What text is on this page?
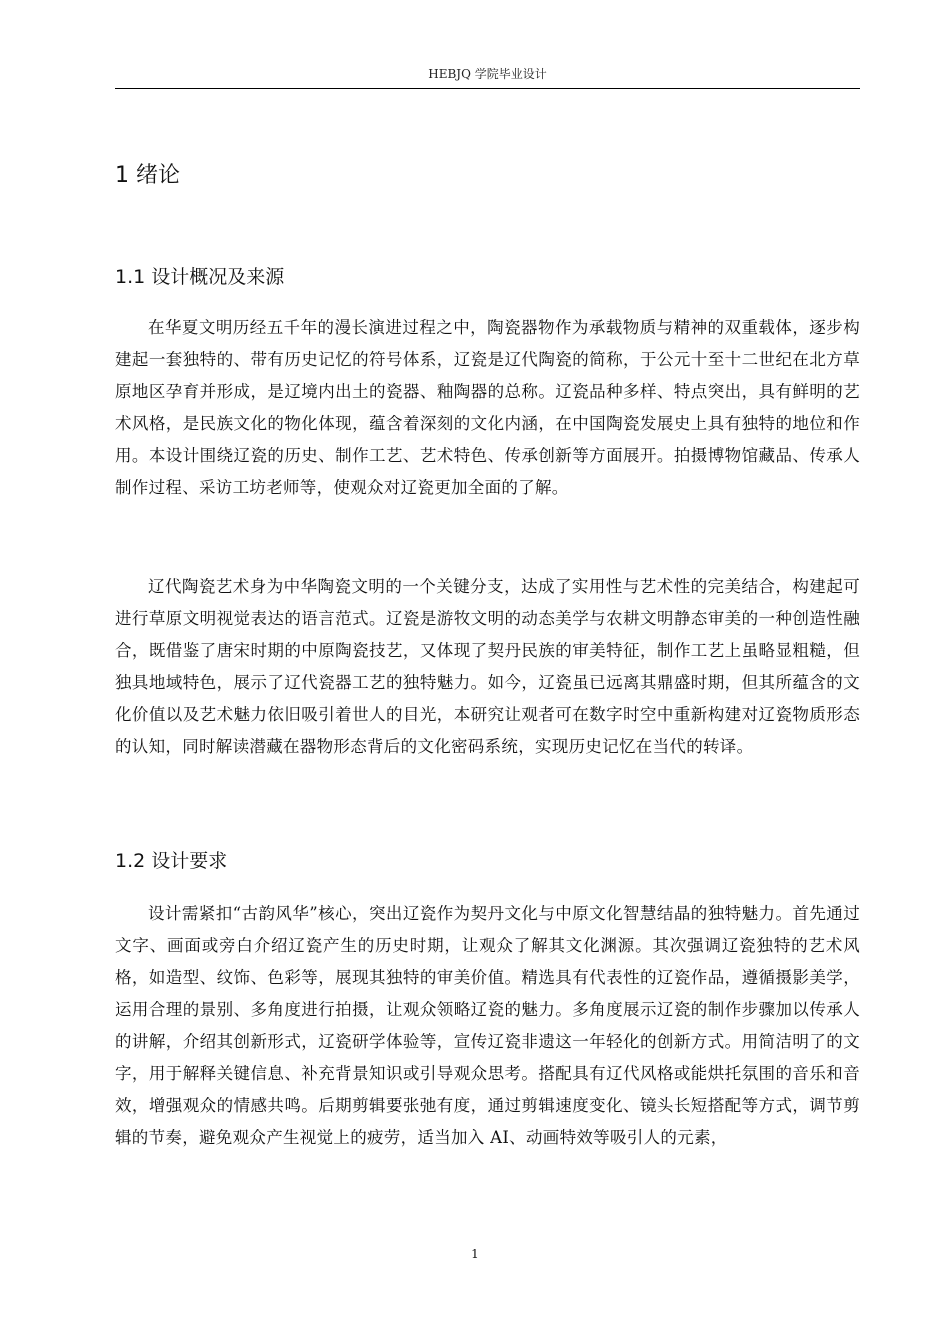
HEBJQ 学院毕业设计
1 绪论
1.1 设计概况及来源

在华夏文明历经五千年的漫长演进过程之中，陶瓷器物作为承载物质与精神的双重载体，逐步构建起一套独特的、带有历史记忆的符号体系，辽瓷是辽代陶瓷的简称，于公元十至十二世纪在北方草原地区孕育并形成，是辽境内出土的瓷器、釉陶器的总称。辽瓷品种多样、特点突出，具有鲜明的艺术风格，是民族文化的物化体现，蕴含着深刻的文化内涵，在中国陶瓷发展史上具有独特的地位和作用。本设计围绕辽瓷的历史、制作工艺、艺术特色、传承创新等方面展开。拍摄博物馆藏品、传承人制作过程、采访工坊老师等，使观众对辽瓷更加全面的了解。

辽代陶瓷艺术身为中华陶瓷文明的一个关键分支，达成了实用性与艺术性的完美结合，构建起可进行草原文明视觉表达的语言范式。辽瓷是游牧文明的动态美学与农耕文明静态审美的一种创造性融合，既借鉴了唐宋时期的中原陶瓷技艺，又体现了契丹民族的审美特征，制作工艺上虽略显粗糙，但独具地域特色，展示了辽代瓷器工艺的独特魅力。如今，辽瓷虽已远离其鼎盛时期，但其所蕴含的文化价值以及艺术魅力依旧吸引着世人的目光，本研究让观者可在数字时空中重新构建对辽瓷物质形态的认知，同时解读潜藏在器物形态背后的文化密码系统，实现历史记忆在当代的转译。

1.2 设计要求

设计需紧扣“古韵风华”核心，突出辽瓷作为契丹文化与中原文化智慧结晶的独特魅力。首先通过文字、画面或旁白介绍辽瓷产生的历史时期，让观众了解其文化渊源。其次强调辽瓷独特的艺术风格，如造型、纹饰、色彩等，展现其独特的审美价值。精选具有代表性的辽瓷作品，遵循摄影美学，运用合理的景别、多角度进行拍摄，让观众领略辽瓷的魅力。多角度展示辽瓷的制作步骤加以传承人的讲解，介绍其创新形式，辽瓷研学体验等，宣传辽瓷非遗这一年轻化的创新方式。用简洁明了的文字，用于解释关键信息、补充背景知识或引导观众思考。搭配具有辽代风格或能烘托氛围的音乐和音效，增强观众的情感共鸣。后期剪辑要张弛有度，通过剪辑速度变化、镜头长短搭配等方式，调节剪辑的节奏，避免观众产生视觉上的疲劳，适当加入 AI、动画特效等吸引人的元素，

1
